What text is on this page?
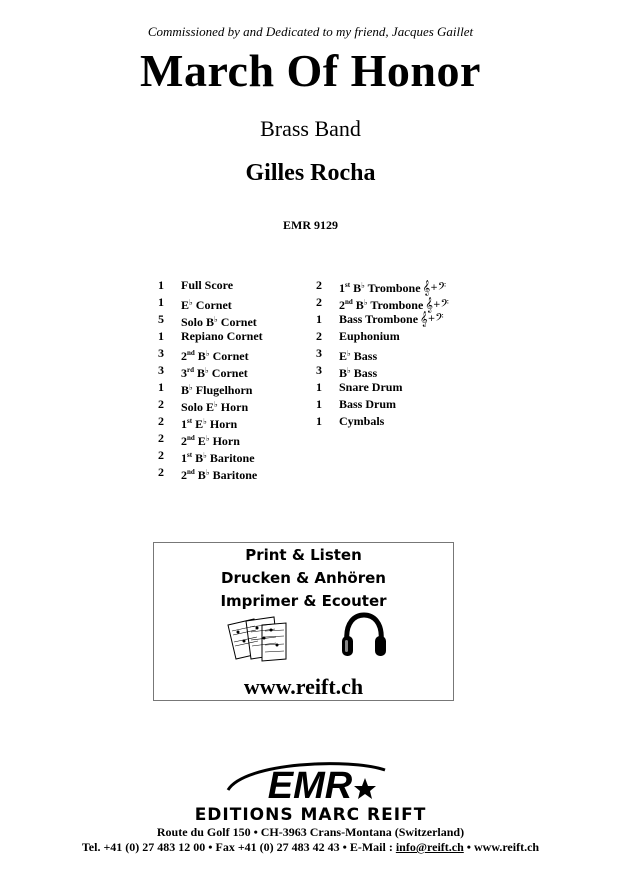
Commissioned by and Dedicated to my friend, Jacques Gaillet
March Of Honor
Brass Band
Gilles Rocha
EMR 9129
1 Full Score
1 E♭ Cornet
5 Solo B♭ Cornet
1 Repiano Cornet
3 2nd B♭ Cornet
3 3rd B♭ Cornet
1 B♭ Flugelhorn
2 Solo E♭ Horn
2 1st E♭ Horn
2 2nd E♭ Horn
2 1st B♭ Baritone
2 2nd B♭ Baritone
2 1st B♭ Trombone 𝄞+𝄢
2 2nd B♭ Trombone 𝄞+𝄢
1 Bass Trombone 𝄞+𝄢
2 Euphonium
3 E♭ Bass
3 B♭ Bass
1 Snare Drum
1 Bass Drum
1 Cymbals
Print & Listen
Drucken & Anhören
Imprimer & Ecouter
www.reift.ch
EMR
EDITIONS MARC REIFT
Route du Golf 150 • CH-3963 Crans-Montana (Switzerland)
Tel. +41 (0) 27 483 12 00 • Fax +41 (0) 27 483 42 43 • E-Mail : info@reift.ch • www.reift.ch
